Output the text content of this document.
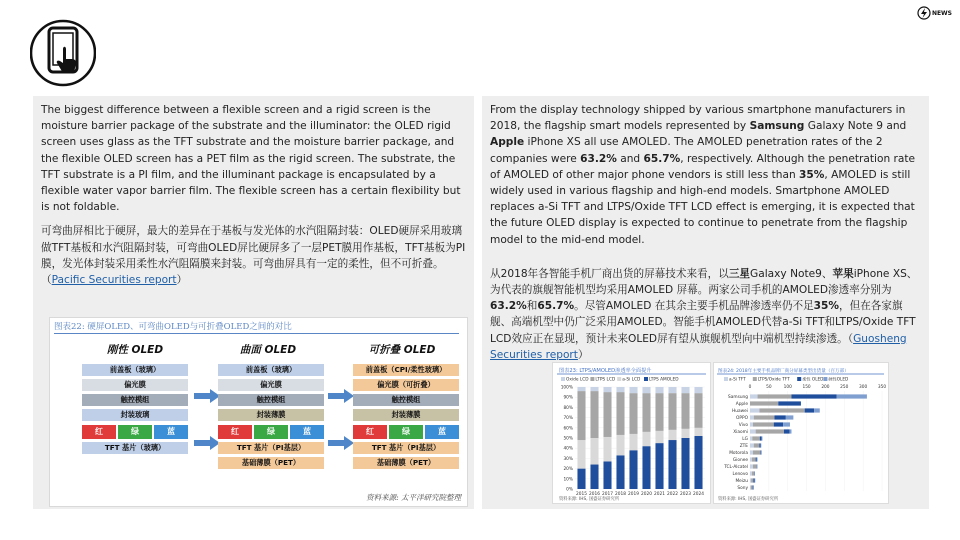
NEWS

The biggest difference between a flexible screen and a rigid screen is the moisture barrier package of the substrate and the illuminator: the OLED rigid screen uses glass as the TFT substrate and the moisture barrier package, and the flexible OLED screen has a PET film as the rigid screen. The substrate, the TFT substrate is a PI film, and the illuminant package is encapsulated by a flexible water vapor barrier film. The flexible screen has a certain flexibility but is not foldable.

可弯曲屏相比于硬屏，最大的差异在于基板与发光体的水汽阻隔封装：OLED硬屏采用玻璃做TFT基板和水汽阻隔封装，可弯曲OLED屏比硬屏多了一层PET膜用作基板，TFT基板为PI膜，发光体封装采用柔性水汽阻隔膜来封装。可弯曲屏具有一定的柔性，但不可折叠。（Pacific Securities report）

图表22: 硬屏OLED、可弯曲OLED与可折叠OLED之间的对比
刚性 OLED	曲面 OLED	可折叠 OLED
前盖板（玻璃）
偏光膜
触控模组
封装玻璃
红	绿	蓝
TFT 基片（玻璃）
前盖板（玻璃）
偏光膜
触控模组
封装薄膜
红	绿	蓝
TFT 基片（PI基层）
基础薄膜（PET）
前盖板（CPI/柔性玻璃）
偏光膜（可折叠）
触控模组
封装薄膜
红	绿	蓝
TFT 基片（PI基层）
基础薄膜（PET）
资料来源: 太平洋研究院整理

From the display technology shipped by various smartphone manufacturers in 2018, the flagship smart models represented by Samsung Galaxy Note 9 and Apple iPhone XS all use AMOLED. The AMOLED penetration rates of the 2 companies were 63.2% and 65.7%, respectively. Although the penetration rate of AMOLED of other major phone vendors is still less than 35%, AMOLED is still widely used in various flagship and high-end models. Smartphone AMOLED replaces a-Si TFT and LTPS/Oxide TFT LCD effect is emerging, it is expected that the future OLED display is expected to continue to penetrate from the flagship model to the mid-end model.

从2018年各智能手机厂商出货的屏幕技术来看，以三星Galaxy Note9、苹果iPhone XS、为代表的旗舰智能机型均采用AMOLED 屏幕。两家公司手机的AMOLED渗透率分别为63.2%和65.7%。尽管AMOLED 在其余主要手机品牌渗透率仍不足35%，但在各家旗舰、高端机型中仍广泛采用AMOLED。智能手机AMOLED代替a-Si TFT和LTPS/Oxide TFT LCD效应正在显现，预计未来OLED屏有望从旗舰机型向中端机型持续渗透。（Guosheng Securities report）

图表23: LTPS/AMOLED渗透率全面提升
Oxide LCD LTPS LCD a-Si LCD LTPS AMOLED
0%
10%
20%
30%
40%
50%
60%
70%
80%
90%
100%
2015 2016 2017 2018 2019 2020 2021 2022 2023 2024
资料来源: IHS, 国盛证券研究所
图表24: 2018年主要手机品牌厂商分屏幕类型出货量（百万部）
a-Si TFT	LTPS/Oxide TFT	柔性 OLED 硬性OLED
0	50	100 150 200 250 300 350
Samsung
Apple
Huawei
OPPO
Vivo
Xiaomi
LG
ZTE
Motorola
Gionee
TCL-Alcatel
Lenovo
Meizu
Sony
资料来源: IHS, 国盛证券研究所
